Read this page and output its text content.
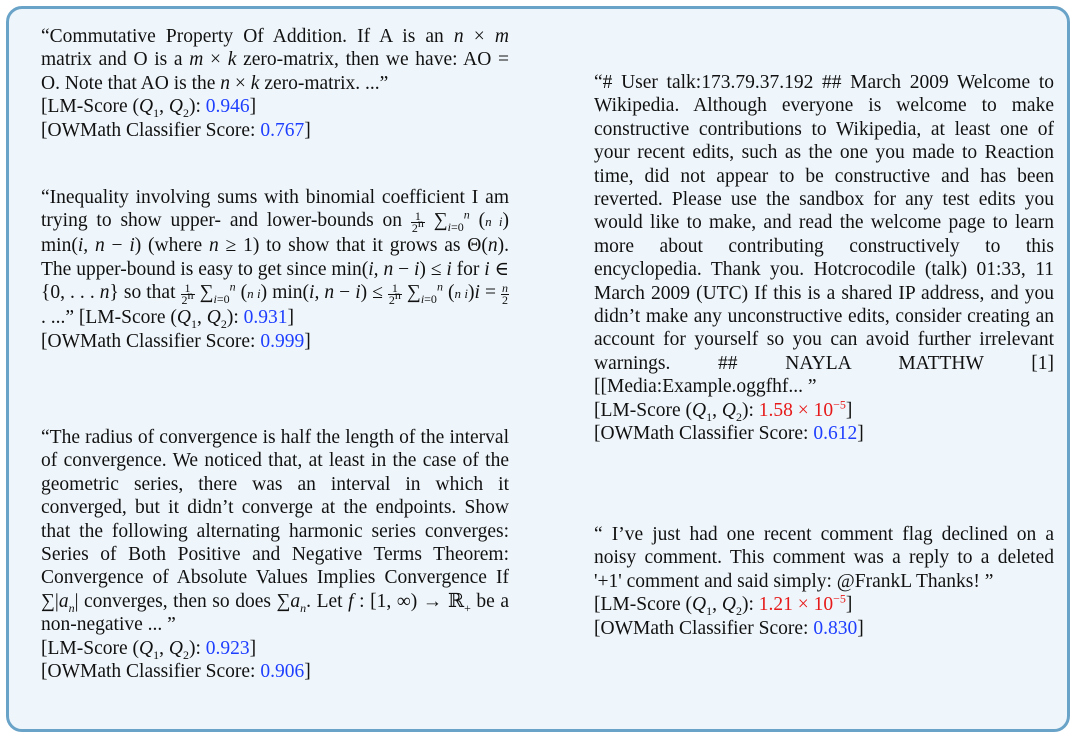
“Commutative Property Of Addition. If A is an n × m matrix and O is a m × k zero-matrix, then we have: AO = O. Note that AO is the n × k zero-matrix. ...”

[LM-Score ($Q_1$, $Q_2$): 0.946]

[OWMath Classifier Score: 0.767]

“Inequality involving sums with binomial coefficient I am trying to show upper- and lower-bounds on $\frac{1}{2^n} \sum_{i=0}^n$ (n i) min(i, n − i) (where n ≥ 1) to show that it grows as Θ(n). The upper-bound is easy to get since min(i, n − i) ≤ i for i ∈ {0, . . . n} so that $\frac{1}{2^n} \sum_{i=0}^n$ (n i) min(i, $n - i) \le \frac{1}{2^n} \sum_{i=0}^n$ (n $i)i = \frac{n}{2}$
. ...” [LM-Score ($Q_1$, $Q_2$): 0.931]

[OWMath Classifier Score: 0.999]

“The radius of convergence is half the length of the interval of convergence. We noticed that, at least in the case of the geometric series, there was an interval in which it converged, but it didn’t converge at the endpoints. Show that the following alternating harmonic series converges: Series of Both Positive and Negative Terms Theorem: Convergence of Absolute Values Implies Convergence If $\sum|a_n|$ converges, then so does $\sum a_n$. Let f : [1, ∞) → ℝ$_+$ be a non-negative ... ”

[LM-Score ($Q_1$, $Q_2$): 0.923]

[OWMath Classifier Score: 0.906]

“# User talk:173.79.37.192 ## March 2009 Welcome to Wikipedia. Although everyone is welcome to make constructive contributions to Wikipedia, at least one of your recent edits, such as the one you made to Reaction time, did not appear to be constructive and has been reverted. Please use the sandbox for any test edits you would like to make, and read the welcome page to learn more about contributing constructively to this encyclopedia. Thank you. Hotcrocodile (talk) 01:33, 11 March 2009 (UTC) If this is a shared IP address, and you didn’t make any unconstructive edits, consider creating an account for yourself so you can avoid further irrelevant warnings. ## NAYLA MATTHW [1] [[Media:Example.oggfhf... ”

[LM-Score ($Q_1$, $Q_2$): $1.58 \times 10^{-5}$]

[OWMath Classifier Score: 0.612]

“ I’ve just had one recent comment flag declined on a noisy comment. This comment was a reply to a deleted '+1' comment and said simply: @FrankL Thanks! ”

[LM-Score ($Q_1$, $Q_2$): $1.21 \times 10^{-5}$]

[OWMath Classifier Score: 0.830]
